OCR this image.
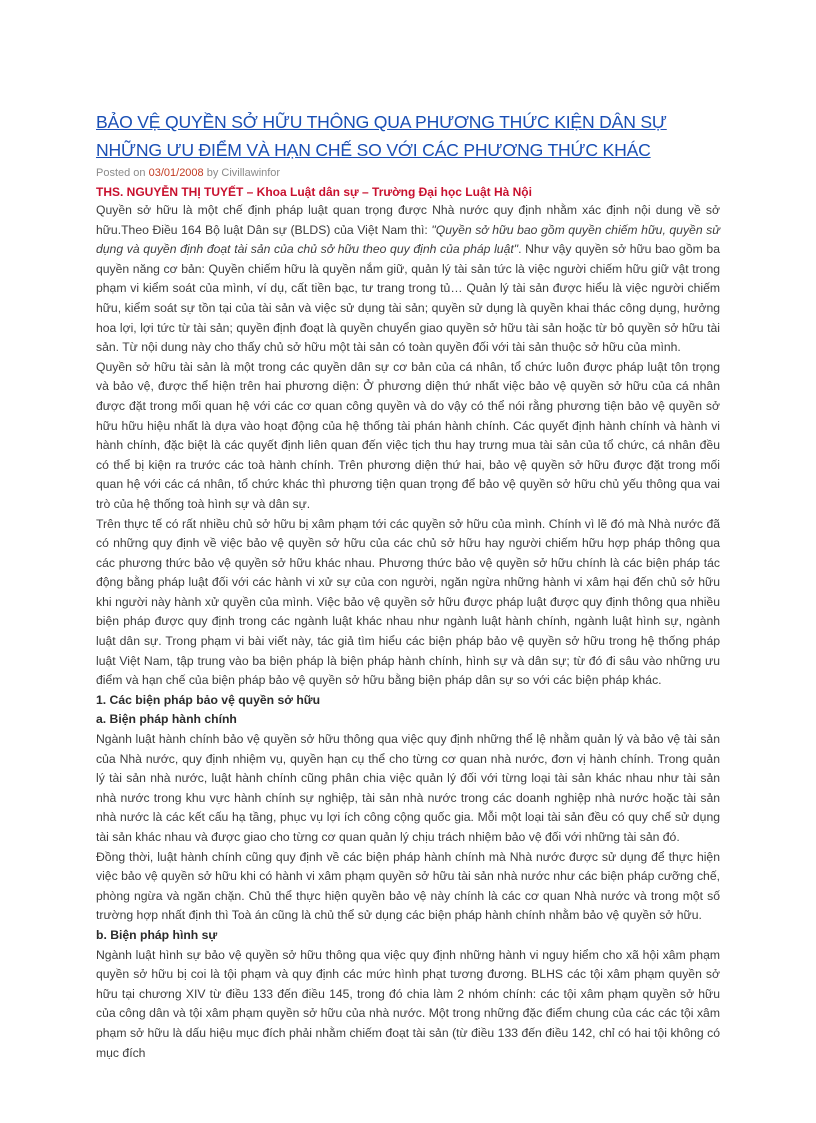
BẢO VỆ QUYỀN SỞ HỮU THÔNG QUA PHƯƠNG THỨC KIỆN DÂN SỰ NHỮNG ƯU ĐIỂM VÀ HẠN CHẾ SO VỚI CÁC PHƯƠNG THỨC KHÁC
Posted on 03/01/2008 by Civillawinfor
THS. NGUYỄN THỊ TUYẾT – Khoa Luật dân sự – Trường Đại học Luật Hà Nội

Quyền sở hữu là một chế định pháp luật quan trọng được Nhà nước quy định nhằm xác định nội dung về sở hữu.Theo Điều 164 Bộ luật Dân sự (BLDS) của Việt Nam thì: "Quyền sở hữu bao gồm quyền chiếm hữu, quyền sử dụng và quyền định đoạt tài sản của chủ sở hữu theo quy định của pháp luật". Như vậy quyền sở hữu bao gồm ba quyền năng cơ bản: Quyền chiếm hữu là quyền nắm giữ, quản lý tài sản tức là việc người chiếm hữu giữ vật trong phạm vi kiểm soát của mình, ví dụ, cất tiền bạc, tư trang trong tủ… Quản lý tài sản được hiểu là việc người chiếm hữu, kiểm soát sự tồn tại của tài sản và việc sử dụng tài sản; quyền sử dụng là quyền khai thác công dụng, hưởng hoa lợi, lợi tức từ tài sản; quyền định đoạt là quyền chuyển giao quyền sở hữu tài sản hoặc từ bỏ quyền sở hữu tài sản. Từ nội dung này cho thấy chủ sở hữu một tài sản có toàn quyền đối với tài sản thuộc sở hữu của mình.

Quyền sở hữu tài sản là một trong các quyền dân sự cơ bản của cá nhân, tổ chức luôn được pháp luật tôn trọng và bảo vệ, được thể hiện trên hai phương diện: Ở phương diện thứ nhất việc bảo vệ quyền sở hữu của cá nhân được đặt trong mối quan hệ với các cơ quan công quyền và do vậy có thể nói rằng phương tiện bảo vệ quyền sở hữu hữu hiệu nhất là dựa vào hoạt động của hệ thống tài phán hành chính. Các quyết định hành chính và hành vi hành chính, đặc biệt là các quyết định liên quan đến việc tịch thu hay trưng mua tài sản của tổ chức, cá nhân đều có thể bị kiện ra trước các toà hành chính. Trên phương diện thứ hai, bảo vệ quyền sở hữu được đặt trong mối quan hệ với các cá nhân, tổ chức khác thì phương tiện quan trọng để bảo vệ quyền sở hữu chủ yếu thông qua vai trò của hệ thống toà hình sự và dân sự.

Trên thực tế có rất nhiều chủ sở hữu bị xâm phạm tới các quyền sở hữu của mình. Chính vì lẽ đó mà Nhà nước đã có những quy định về việc bảo vệ quyền sở hữu của các chủ sở hữu hay người chiếm hữu hợp pháp thông qua các phương thức bảo vệ quyền sở hữu khác nhau. Phương thức bảo vệ quyền sở hữu chính là các biện pháp tác động bằng pháp luật đối với các hành vi xử sự của con người, ngăn ngừa những hành vi xâm hại đến chủ sở hữu khi người này hành xử quyền của mình. Việc bảo vệ quyền sở hữu được pháp luật được quy định thông qua nhiều biện pháp được quy định trong các ngành luật khác nhau như ngành luật hành chính, ngành luật hình sự, ngành luật dân sự. Trong phạm vi bài viết này, tác giả tìm hiểu các biện pháp bảo vệ quyền sở hữu trong hệ thống pháp luật Việt Nam, tập trung vào ba biện pháp là biện pháp hành chính, hình sự và dân sự; từ đó đi sâu vào những ưu điểm và hạn chế của biện pháp bảo vệ quyền sở hữu bằng biện pháp dân sự so với các biện pháp khác.

1. Các biện pháp bảo vệ quyền sở hữu

a. Biện pháp hành chính

Ngành luật hành chính bảo vệ quyền sở hữu thông qua việc quy định những thể lệ nhằm quản lý và bảo vệ tài sản của Nhà nước, quy định nhiệm vụ, quyền hạn cụ thể cho từng cơ quan nhà nước, đơn vị hành chính. Trong quản lý tài sản nhà nước, luật hành chính cũng phân chia việc quản lý đối với từng loại tài sản khác nhau như tài sản nhà nước trong khu vực hành chính sự nghiệp, tài sản nhà nước trong các doanh nghiệp nhà nước hoặc tài sản nhà nước là các kết cấu hạ tầng, phục vụ lợi ích công cộng quốc gia. Mỗi một loại tài sản đều có quy chế sử dụng tài sản khác nhau và được giao cho từng cơ quan quản lý chịu trách nhiệm bảo vệ đối với những tài sản đó.

Đồng thời, luật hành chính cũng quy định về các biện pháp hành chính mà Nhà nước được sử dụng để thực hiện việc bảo vệ quyền sở hữu khi có hành vi xâm phạm quyền sở hữu tài sản nhà nước như các biện pháp cưỡng chế, phòng ngừa và ngăn chặn. Chủ thể thực hiện quyền bảo vệ này chính là các cơ quan Nhà nước và trong một số trường hợp nhất định thì Toà án cũng là chủ thể sử dụng các biện pháp hành chính nhằm bảo vệ quyền sở hữu.

b. Biện pháp hình sự

Ngành luật hình sự bảo vệ quyền sở hữu thông qua việc quy định những hành vi nguy hiểm cho xã hội xâm phạm quyền sở hữu bị coi là tội phạm và quy định các mức hình phạt tương đương. BLHS các tội xâm phạm quyền sở hữu tại chương XIV từ điều 133 đến điều 145, trong đó chia làm 2 nhóm chính: các tội xâm phạm quyền sở hữu của công dân và tội xâm phạm quyền sở hữu của nhà nước. Một trong những đặc điểm chung của các các tội xâm phạm sở hữu là dấu hiệu mục đích phải nhằm chiếm đoạt tài sản (từ điều 133 đến điều 142, chỉ có hai tội không có mục đích
